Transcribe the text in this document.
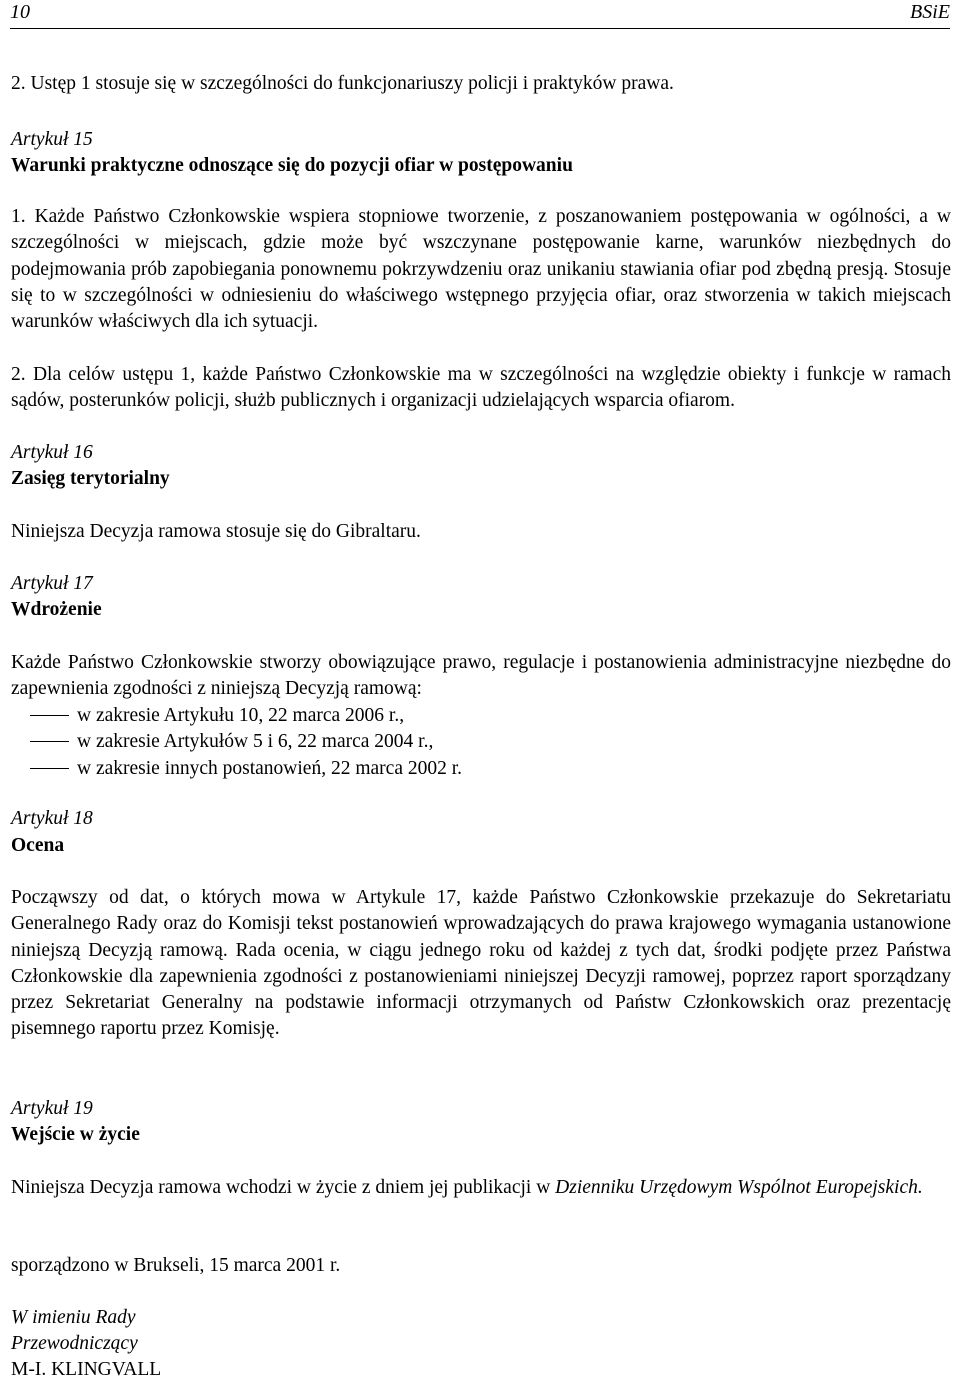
10	BSiE

2. Ustęp 1 stosuje się w szczególności do funkcjonariuszy policji i praktyków prawa.

Artykuł 15
Warunki praktyczne odnoszące się do pozycji ofiar w postępowaniu

1. Każde Państwo Członkowskie wspiera stopniowe tworzenie, z poszanowaniem postępowania w ogólności, a w szczególności w miejscach, gdzie może być wszczynane postępowanie karne, warunków niezbędnych do podejmowania prób zapobiegania ponownemu pokrzywdzeniu oraz unikaniu stawiania ofiar pod zbędną presją. Stosuje się to w szczególności w odniesieniu do właściwego wstępnego przyjęcia ofiar, oraz stworzenia w takich miejscach warunków właściwych dla ich sytuacji.

2. Dla celów ustępu 1, każde Państwo Członkowskie ma w szczególności na względzie obiekty i funkcje w ramach sądów, posterunków policji, służb publicznych i organizacji udzielających wsparcia ofiarom.

Artykuł 16
Zasięg terytorialny

Niniejsza Decyzja ramowa stosuje się do Gibraltaru.

Artykuł 17
Wdrożenie

Każde Państwo Członkowskie stworzy obowiązujące prawo, regulacje i postanowienia administracyjne niezbędne do zapewnienia zgodności z niniejszą Decyzją ramową:

w zakresie Artykułu 10, 22 marca 2006 r.,
w zakresie Artykułów 5 i 6, 22 marca 2004 r.,
w zakresie innych postanowień, 22 marca 2002 r.
Artykuł 18
Ocena

Począwszy od dat, o których mowa w Artykule 17, każde Państwo Członkowskie przekazuje do Sekretariatu Generalnego Rady oraz do Komisji tekst postanowień wprowadzających do prawa krajowego wymagania ustanowione niniejszą Decyzją ramową. Rada ocenia, w ciągu jednego roku od każdej z tych dat, środki podjęte przez Państwa Członkowskie dla zapewnienia zgodności z postanowieniami niniejszej Decyzji ramowej, poprzez raport sporządzany przez Sekretariat Generalny na podstawie informacji otrzymanych od Państw Członkowskich oraz prezentację pisemnego raportu przez Komisję.

Artykuł 19
Wejście w życie

Niniejsza Decyzja ramowa wchodzi w życie z dniem jej publikacji w Dzienniku Urzędowym Wspólnot Europejskich.

sporządzono w Brukseli, 15 marca 2001 r.

W imieniu Rady
Przewodniczący
M-I. KLINGVALL
